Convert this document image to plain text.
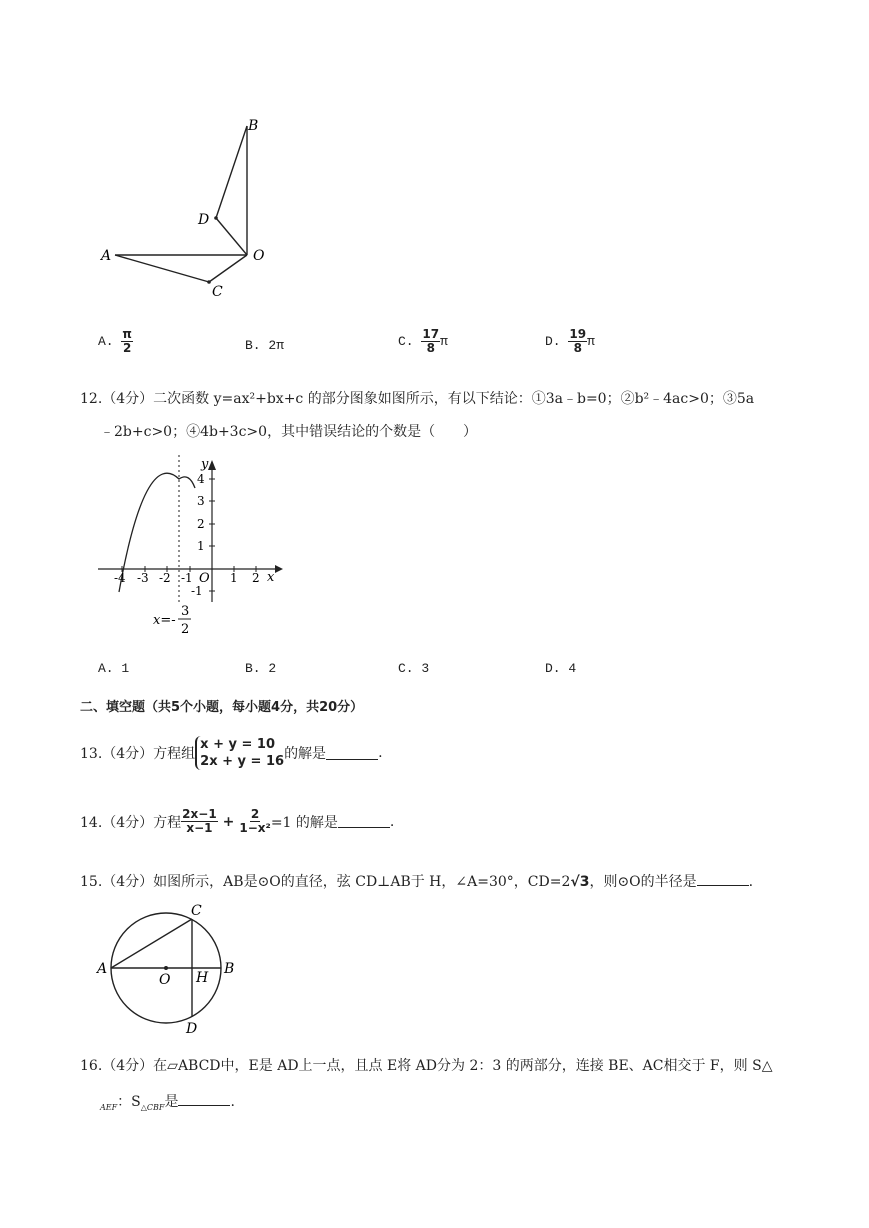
B
D
A	O
C
A. $\frac{\pi}{2}$	B. 2π	C. $\frac{17}{8}$ π	D. $\frac{19}{8}$ π
12.（4分）二次函数 y=ax²+bx+c 的部分图象如图所示，有以下结论：①3a﹣b=0；②b²﹣4ac>0；③5a
﹣2b+c>0；④4b+3c>0，其中错误结论的个数是（　　）
y
x
O
4
3
2
1
-1
-4 -3 -2 -1	1 2
x=-
3
2
A. 1	B. 2	C. 3	D. 4
二、填空题（共5个小题，每小题4分，共20分）
13.（4分）方程组
x + y = 10
2x + y = 16 的解是	.
14.（4分）方程 $\frac{2x-1}{x-1} + \frac{2}{\text{1−x²}} =1$ 的解是	.
15.（4分）如图所示，AB是⊙O的直径，弦 CD⊥AB于 H，∠A=30°，CD=2√3，则⊙O的半径是	.
A
O H
B
C
D
16.（4分）在▱ABCD中，E是 AD上一点，且点 E将 AD分为 2：3 的两部分，连接 BE、AC相交于 F，则 S△
$_{AEF}$：$S_{\triangle CBF}$是	.
